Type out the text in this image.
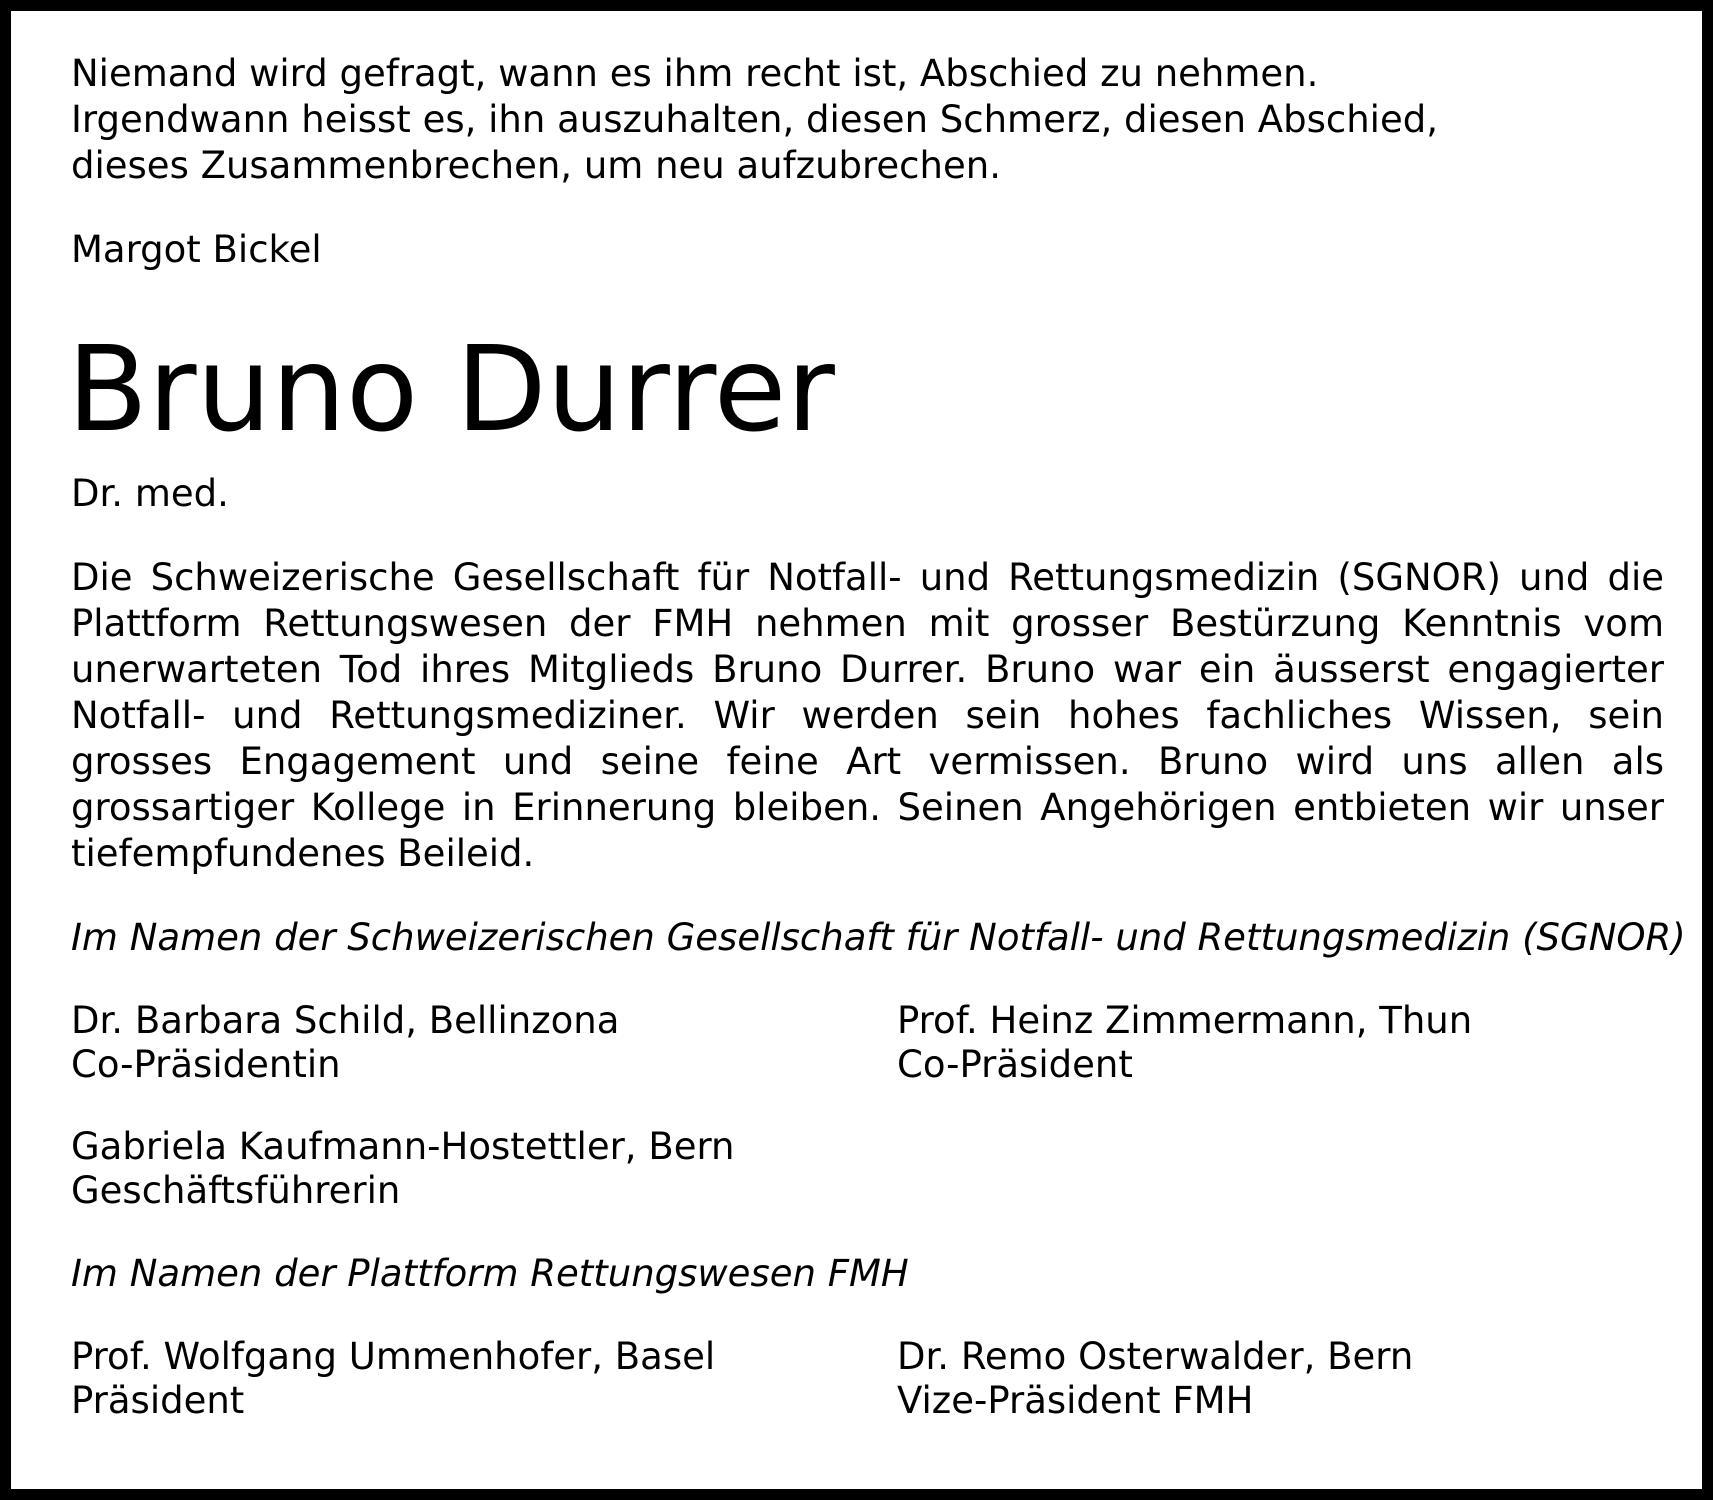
Niemand wird gefragt, wann es ihm recht ist, Abschied zu nehmen.
Irgendwann heisst es, ihn auszuhalten, diesen Schmerz, diesen Abschied,
dieses Zusammenbrechen, um neu aufzubrechen.

Margot Bickel

Bruno Durrer

Dr. med.

Die Schweizerische Gesellschaft für Notfall- und Rettungsmedizin (SGNOR) und die Plattform Rettungswesen der FMH nehmen mit grosser Bestürzung Kenntnis vom unerwarteten Tod ihres Mitglieds Bruno Durrer. Bruno war ein äusserst engagierter Notfall- und Rettungsmediziner. Wir werden sein hohes fachliches Wissen, sein grosses Engagement und seine feine Art vermissen. Bruno wird uns allen als grossartiger Kollege in Erinnerung bleiben. Seinen Angehörigen entbieten wir unser tiefempfundenes Beileid.

Im Namen der Schweizerischen Gesellschaft für Notfall- und Rettungsmedizin (SGNOR)

Dr. Barbara Schild, Bellinzona
Co-Präsidentin
Prof. Heinz Zimmermann, Thun
Co-Präsident
Gabriela Kaufmann-Hostettler, Bern
Geschäftsführerin

Im Namen der Plattform Rettungswesen FMH

Prof. Wolfgang Ummenhofer, Basel
Präsident
Dr. Remo Osterwalder, Bern
Vize-Präsident FMH
